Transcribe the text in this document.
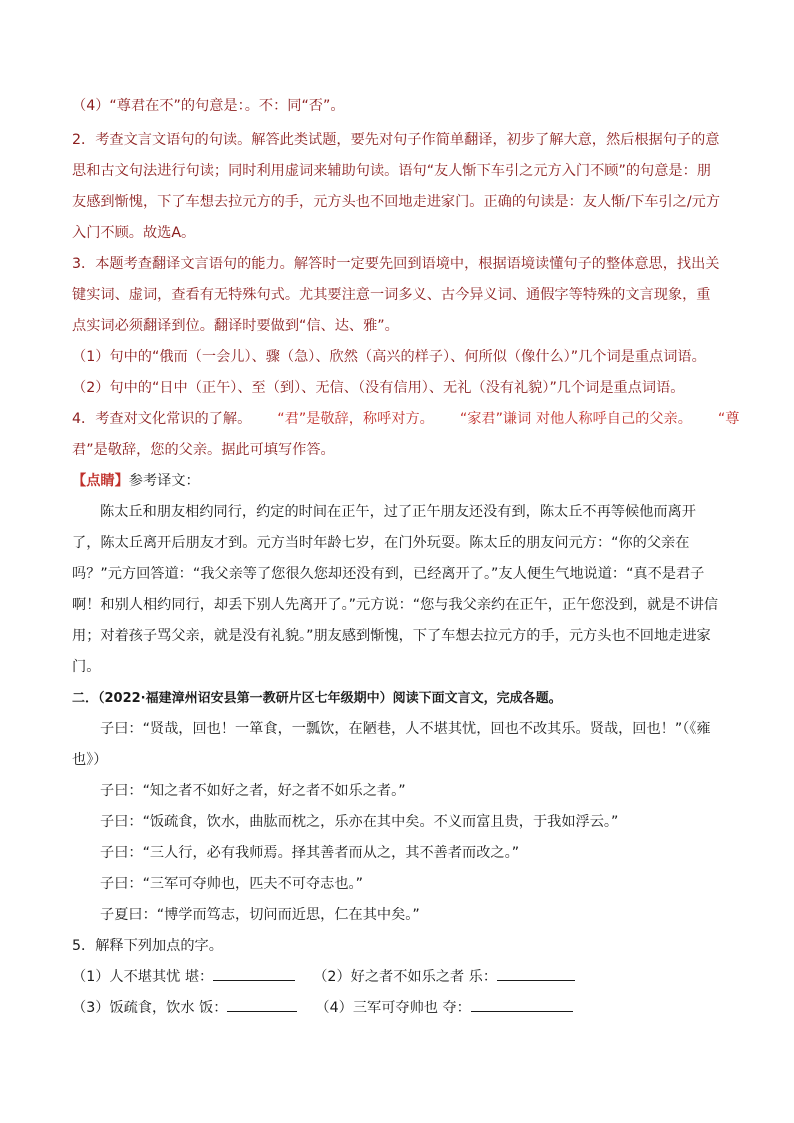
（4）“尊君在不”的句意是：。不：同“否”。
2．考查文言文语句的句读。解答此类试题，要先对句子作简单翻译，初步了解大意，然后根据句子的意思和古文句法进行句读；同时利用虚词来辅助句读。语句“友人惭下车引之元方入门不顾”的句意是：朋友感到惭愧，下了车想去拉元方的手，元方头也不回地走进家门。正确的句读是：友人惭/下车引之/元方入门不顾。故选A。
3．本题考查翻译文言语句的能力。解答时一定要先回到语境中，根据语境读懂句子的整体意思，找出关键实词、虚词，查看有无特殊句式。尤其要注意一词多义、古今异义词、通假字等特殊的文言现象，重点实词必须翻译到位。翻译时要做到“信、达、雅”。
（1）句中的“俄而（一会儿）、骤（急）、欣然（高兴的样子）、何所似（像什么）”几个词是重点词语。
（2）句中的“日中（正午）、至（到）、无信、（没有信用）、无礼（没有礼貌）”几个词是重点词语。
4．考查对文化常识的了解。 “君”是敬辞，称呼对方。 “家君”谦词 对他人称呼自己的父亲。 “尊
君”是敬辞，您的父亲。据此可填写作答。
【点睛】参考译文：
陈太丘和朋友相约同行，约定的时间在正午，过了正午朋友还没有到，陈太丘不再等候他而离开了，陈太丘离开后朋友才到。元方当时年龄七岁，在门外玩耍。陈太丘的朋友问元方：“你的父亲在吗？”元方回答道：“我父亲等了您很久您却还没有到，已经离开了。”友人便生气地说道：“真不是君子啊！和别人相约同行，却丢下别人先离开了。”元方说：“您与我父亲约在正午，正午您没到，就是不讲信用；对着孩子骂父亲，就是没有礼貌。”朋友感到惭愧，下了车想去拉元方的手，元方头也不回地走进家门。
二．（2022·福建漳州诏安县第一教研片区七年级期中）阅读下面文言文，完成各题。
子曰：“贤哉，回也！一箪食，一瓢饮，在陋巷，人不堪其忧，回也不改其乐。贤哉，回也！”（《雍也》）
子曰：“知之者不如好之者，好之者不如乐之者。”
子曰：“饭疏食，饮水，曲肱而枕之，乐亦在其中矣。不义而富且贵，于我如浮云。”
子曰：“三人行，必有我师焉。择其善者而从之，其不善者而改之。”
子曰：“三军可夺帅也，匹夫不可夺志也。”
子夏曰：“博学而笃志，切问而近思，仁在其中矣。”
5．解释下列加点的字。
（1）人不堪其忧 堪：	（2）好之者不如乐之者 乐：
（3）饭疏食，饮水 饭：	（4）三军可夺帅也 夺：
